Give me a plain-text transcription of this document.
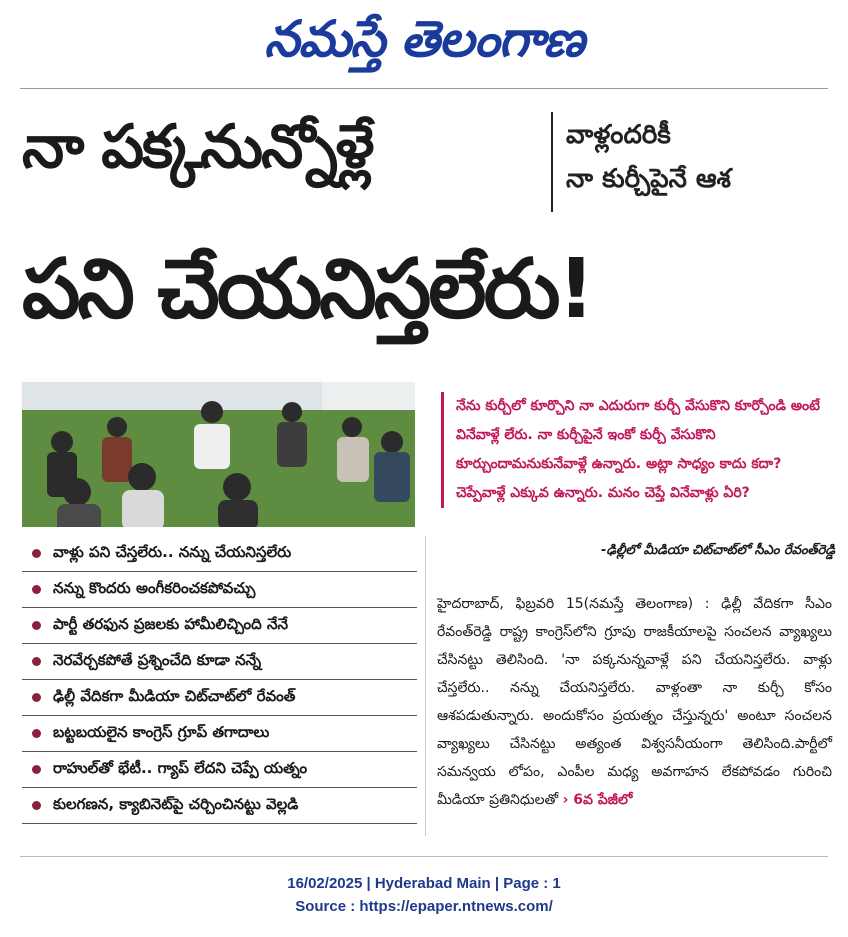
నమస్తే తెలంగాణ
నా పక్కనున్నోళ్లే	వాళ్లందరికీ
నా కుర్చీపైనే ఆశ
పని చేయనిస్తలేరు!
నేను కుర్చీలో కూర్చొని నా ఎదురుగా కుర్చీ వేసుకొని కూర్చోండి అంటే వినేవాళ్లే లేరు. నా కుర్చీపైనే ఇంకో కుర్చీ వేసుకొని కూర్చుందామనుకునేవాళ్లే ఉన్నారు. అట్లా సాధ్యం కాదు కదా? చెప్పేవాళ్లే ఎక్కువ ఉన్నారు. మనం చెప్తే వినేవాళ్లు ఏరి?
-ఢిల్లీలో మీడియా చిట్‌చాట్‌లో సీఎం రేవంత్‌రెడ్డి
వాళ్లు పని చేస్తలేరు.. నన్ను చేయనిస్తలేరు
నన్ను కొందరు అంగీకరించకపోవచ్చు
పార్టీ తరఫున ప్రజలకు హామీలిచ్చింది నేనే
నెరవేర్చకపోతే ప్రశ్నించేది కూడా నన్నే
ఢిల్లీ వేదికగా మీడియా చిట్‌చాట్‌లో రేవంత్
బట్టబయలైన కాంగ్రెస్ గ్రూప్ తగాదాలు
రాహుల్‌తో భేటీ.. గ్యాప్ లేదని చెప్పే యత్నం
కులగణన, క్యాబినెట్‌పై చర్చించినట్టు వెల్లడి
హైదరాబాద్, ఫిబ్రవరి 15(నమస్తే తెలంగాణ) : ఢిల్లీ వేదికగా సీఎం రేవంత్‌రెడ్డి రాష్ట్ర కాంగ్రెస్‌లోని గ్రూపు రాజకీయాలపై సంచలన వ్యాఖ్యలు చేసినట్టు తెలిసింది. 'నా పక్కనున్నవాళ్లే పని చేయనిస్తలేరు. వాళ్లు చేస్తలేరు.. నన్ను చేయనిస్తలేరు. వాళ్లంతా నా కుర్చీ కోసం ఆశపడుతున్నారు. అందుకోసం ప్రయత్నం చేస్తున్నరు' అంటూ సంచలన వ్యాఖ్యలు చేసినట్టు అత్యంత విశ్వసనీయంగా తెలిసింది.పార్టీలో సమన్వయ లోపం, ఎంపీల మధ్య అవగాహన లేకపోవడం గురించి మీడియా ప్రతినిధులతో › 6వ పేజీలో
16/02/2025 | Hyderabad Main | Page : 1
Source : https://epaper.ntnews.com/
